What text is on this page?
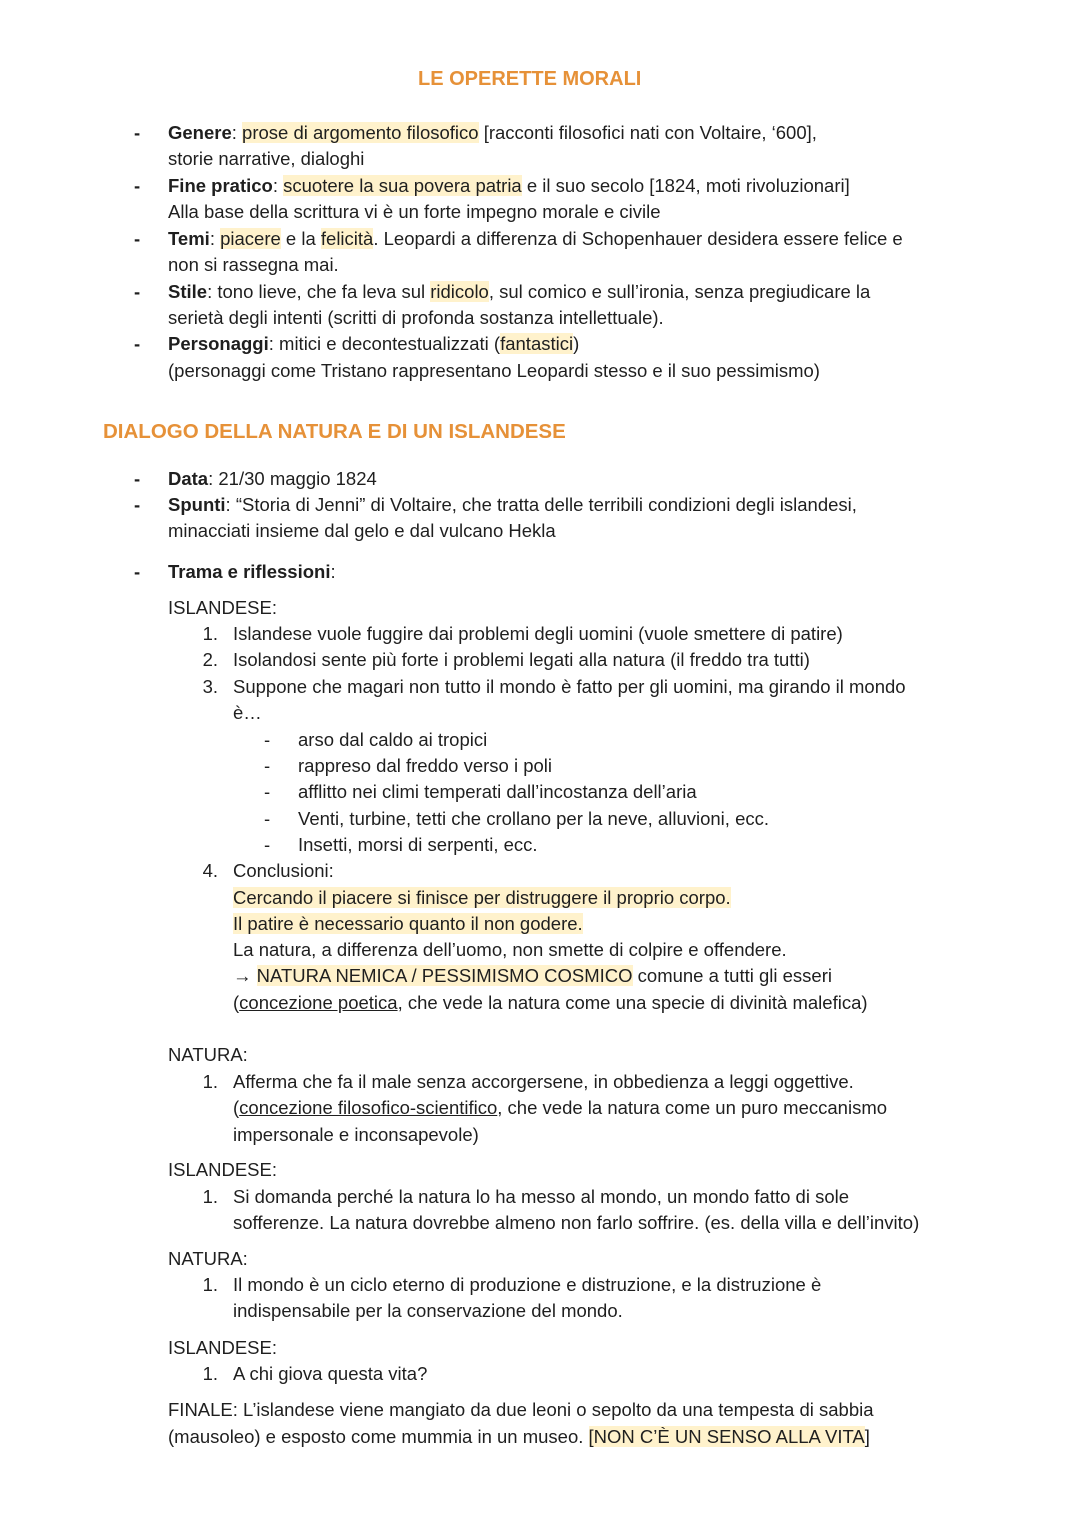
LE OPERETTE MORALI
- Genere: prose di argomento filosofico [racconti filosofici nati con Voltaire, ‘600],
storie narrative, dialoghi
- Fine pratico: scuotere la sua povera patria e il suo secolo [1824, moti rivoluzionari]
Alla base della scrittura vi è un forte impegno morale e civile
- Temi: piacere e la felicità. Leopardi a differenza di Schopenhauer desidera essere felice e
non si rassegna mai.
- Stile: tono lieve, che fa leva sul ridicolo, sul comico e sull’ironia, senza pregiudicare la
serietà degli intenti (scritti di profonda sostanza intellettuale).
- Personaggi: mitici e decontestualizzati (fantastici)
(personaggi come Tristano rappresentano Leopardi stesso e il suo pessimismo)
DIALOGO DELLA NATURA E DI UN ISLANDESE
- Data: 21/30 maggio 1824
- Spunti: “Storia di Jenni” di Voltaire, che tratta delle terribili condizioni degli islandesi,
minacciati insieme dal gelo e dal vulcano Hekla
- Trama e riflessioni:
ISLANDESE:
1. Islandese vuole fuggire dai problemi degli uomini (vuole smettere di patire)
2. Isolandosi sente più forte i problemi legati alla natura (il freddo tra tutti)
3. Suppone che magari non tutto il mondo è fatto per gli uomini, ma girando il mondo
è…
- arso dal caldo ai tropici
- rappreso dal freddo verso i poli
- afflitto nei climi temperati dall’incostanza dell’aria
- Venti, turbine, tetti che crollano per la neve, alluvioni, ecc.
- Insetti, morsi di serpenti, ecc.
4. Conclusioni:
Cercando il piacere si finisce per distruggere il proprio corpo.
Il patire è necessario quanto il non godere.
La natura, a differenza dell’uomo, non smette di colpire e offendere.
→ NATURA NEMICA / PESSIMISMO COSMICO comune a tutti gli esseri
(concezione poetica, che vede la natura come una specie di divinità malefica)
NATURA:
1. Afferma che fa il male senza accorgersene, in obbedienza a leggi oggettive.
(concezione filosofico-scientifico, che vede la natura come un puro meccanismo
impersonale e inconsapevole)
ISLANDESE:
1. Si domanda perché la natura lo ha messo al mondo, un mondo fatto di sole
sofferenze. La natura dovrebbe almeno non farlo soffrire. (es. della villa e dell’invito)
NATURA:
1. Il mondo è un ciclo eterno di produzione e distruzione, e la distruzione è
indispensabile per la conservazione del mondo.
ISLANDESE:
1. A chi giova questa vita?
FINALE: L’islandese viene mangiato da due leoni o sepolto da una tempesta di sabbia
(mausoleo) e esposto come mummia in un museo. [NON C’È UN SENSO ALLA VITA]
